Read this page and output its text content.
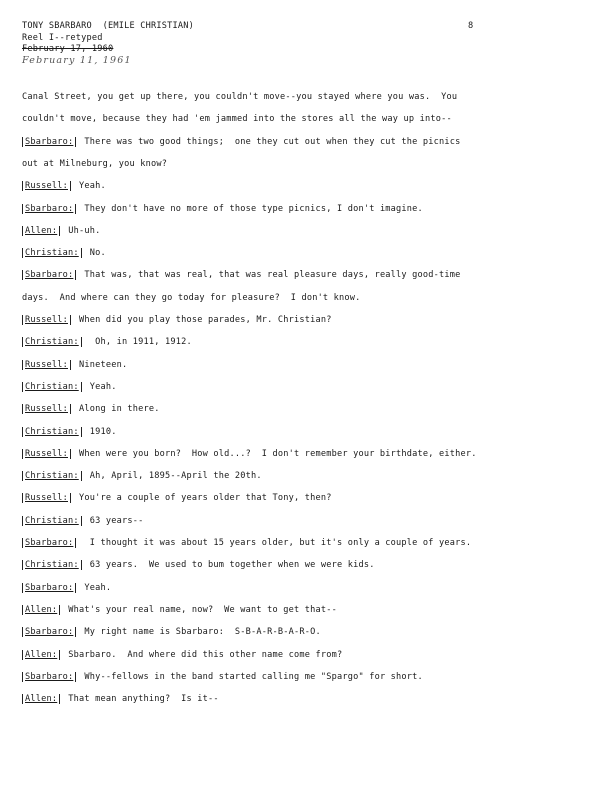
TONY SBARBARO  (EMILE CHRISTIAN)	8
Reel I--retyped
February 17, 1960
February 11, 1961
Canal Street, you get up there, you couldn't move--you stayed where you was.  You
couldn't move, because they had 'em jammed into the stores all the way up into--
Sbarbaro: There was two good things;  one they cut out when they cut the picnics
out at Milneburg, you know?
Russell: Yeah.
Sbarbaro: They don't have no more of those type picnics, I don't imagine.
Allen: Uh-uh.
Christian: No.
Sbarbaro: That was, that was real, that was real pleasure days, really good-time
days.  And where can they go today for pleasure?  I don't know.
Russell: When did you play those parades, Mr. Christian?
Christian: Oh, in 1911, 1912.
Russell: Nineteen.
Christian: Yeah.
Russell: Along in there.
Christian: 1910.
Russell: When were you born?  How old...?  I don't remember your birthdate, either.
Christian: Ah, April, 1895--April the 20th.
Russell: You're a couple of years older that Tony, then?
Christian: 63 years--
Sbarbaro: I thought it was about 15 years older, but it's only a couple of years.
Christian: 63 years.  We used to bum together when we were kids.
Sbarbaro: Yeah.
Allen: What's your real name, now?  We want to get that--
Sbarbaro: My right name is Sbarbaro:  S-B-A-R-B-A-R-O.
Allen: Sbarbaro.  And where did this other name come from?
Sbarbaro: Why--fellows in the band started calling me "Spargo" for short.
Allen: That mean anything?  Is it--
